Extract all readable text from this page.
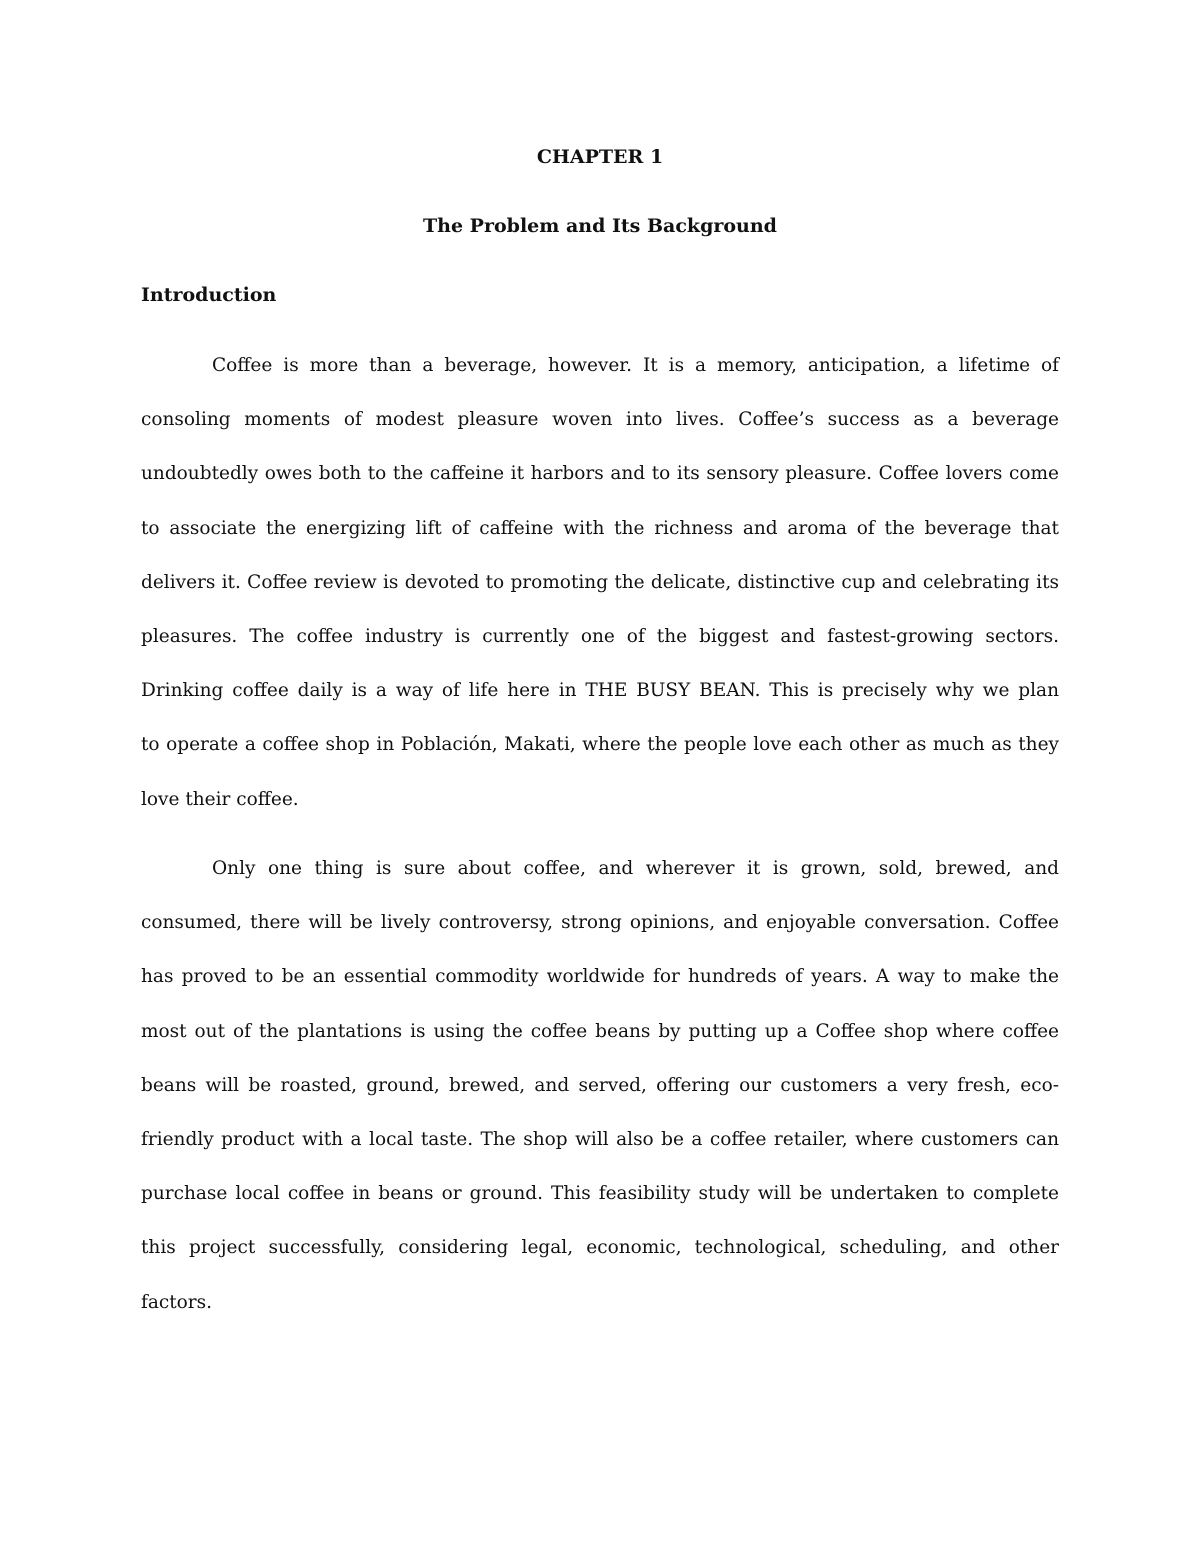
CHAPTER 1
The Problem and Its Background
Introduction
Coffee is more than a beverage, however. It is a memory, anticipation, a lifetime of
consoling moments of modest pleasure woven into lives. Coffee’s success as a beverage
undoubtedly owes both to the caffeine it harbors and to its sensory pleasure. Coffee lovers come
to associate the energizing lift of caffeine with the richness and aroma of the beverage that
delivers it. Coffee review is devoted to promoting the delicate, distinctive cup and celebrating its
pleasures. The coffee industry is currently one of the biggest and fastest-growing sectors.
Drinking coffee daily is a way of life here in THE BUSY BEAN. This is precisely why we plan
to operate a coffee shop in Población, Makati, where the people love each other as much as they
love their coffee.
Only one thing is sure about coffee, and wherever it is grown, sold, brewed, and
consumed, there will be lively controversy, strong opinions, and enjoyable conversation. Coffee
has proved to be an essential commodity worldwide for hundreds of years. A way to make the
most out of the plantations is using the coffee beans by putting up a Coffee shop where coffee
beans will be roasted, ground, brewed, and served, offering our customers a very fresh, eco-
friendly product with a local taste. The shop will also be a coffee retailer, where customers can
purchase local coffee in beans or ground. This feasibility study will be undertaken to complete
this project successfully, considering legal, economic, technological, scheduling, and other
factors.
